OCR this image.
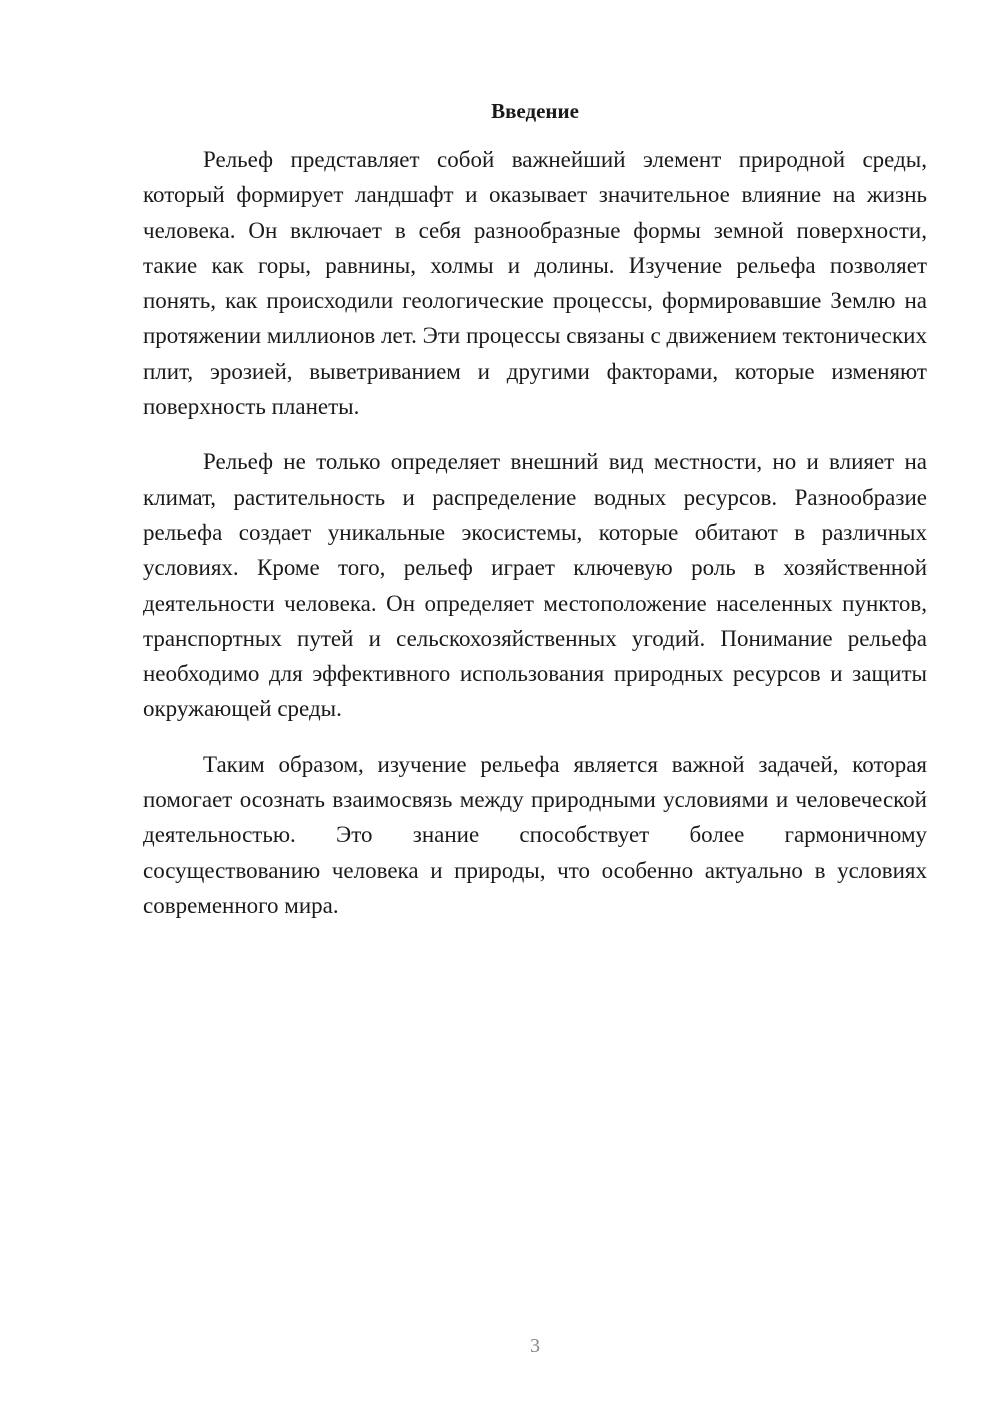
Введение

Рельеф представляет собой важнейший элемент природной среды, который формирует ландшафт и оказывает значительное влияние на жизнь человека. Он включает в себя разнообразные формы земной поверхности, такие как горы, равнины, холмы и долины. Изучение рельефа позволяет понять, как происходили геологические процессы, формировавшие Землю на протяжении миллионов лет. Эти процессы связаны с движением тектонических плит, эрозией, выветриванием и другими факторами, которые изменяют поверхность планеты.

Рельеф не только определяет внешний вид местности, но и влияет на климат, растительность и распределение водных ресурсов. Разнообразие рельефа создает уникальные экосистемы, которые обитают в различных условиях. Кроме того, рельеф играет ключевую роль в хозяйственной деятельности человека. Он определяет местоположение населенных пунктов, транспортных путей и сельскохозяйственных угодий. Понимание рельефа необходимо для эффективного использования природных ресурсов и защиты окружающей среды.

Таким образом, изучение рельефа является важной задачей, которая помогает осознать взаимосвязь между природными условиями и человеческой деятельностью. Это знание способствует более гармоничному сосуществованию человека и природы, что особенно актуально в условиях современного мира.

3
